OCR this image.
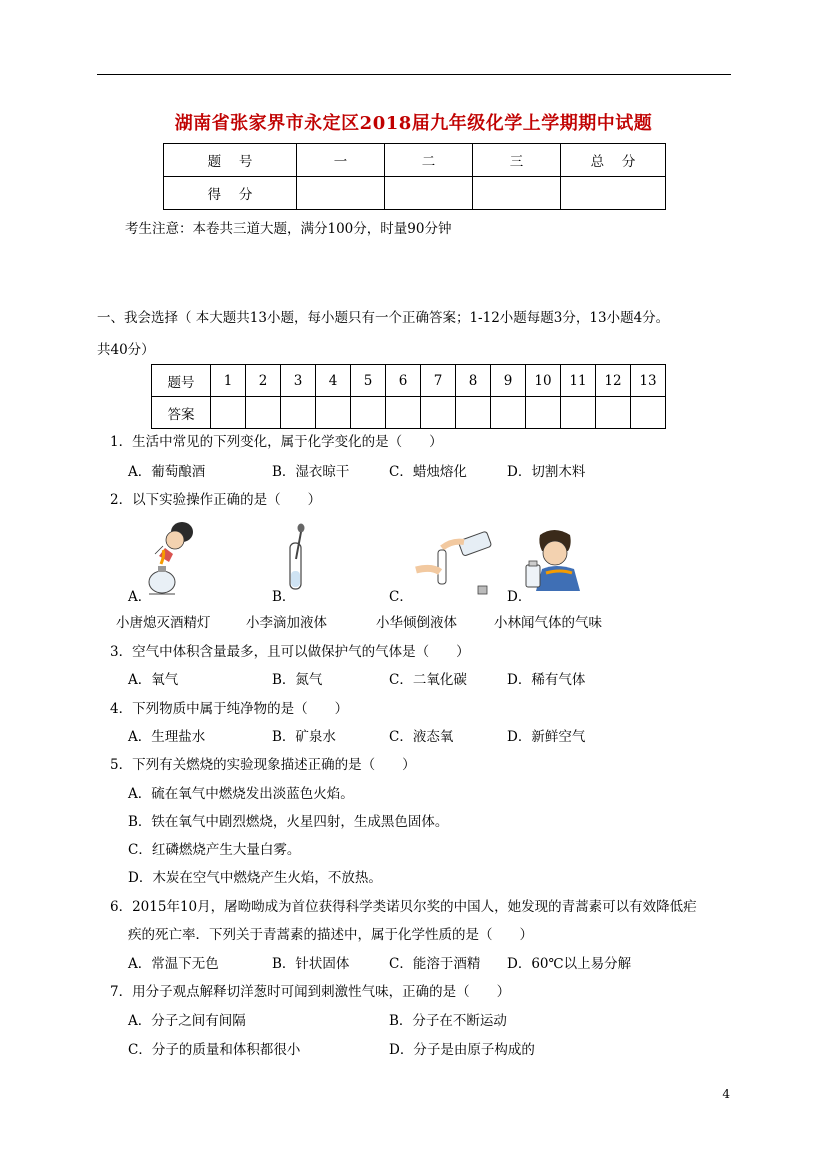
湖南省张家界市永定区2018届九年级化学上学期期中试题
题　 号	一	二	三	总　 分
得　 分				
考生注意：本卷共三道大题，满分100分，时量90分钟
一、我会选择（ 本大题共13小题，每小题只有一个正确答案；1-12小题每题3分，13小题4分。
共40分）
题号	1	2	3	4	5	6	7	8	9	10	11	12	13
答案													
1．生活中常见的下列变化，属于化学变化的是（　　）
A．葡萄酿酒	B．湿衣晾干	C．蜡烛熔化	D．切割木料
2．以下实验操作正确的是（　　）
A．	B．	C．	D．
小唐熄灭酒精灯	小李滴加液体	小华倾倒液体	小林闻气体的气味
3．空气中体积含量最多，且可以做保护气的气体是（　　）
A．氧气	B．氮气	C．二氧化碳	D．稀有气体
4．下列物质中属于纯净物的是（　　）
A．生理盐水	B．矿泉水	C．液态氧	D．新鲜空气
5．下列有关燃烧的实验现象描述正确的是（　　）
A．硫在氧气中燃烧发出淡蓝色火焰。
B．铁在氧气中剧烈燃烧，火星四射，生成黑色固体。
C．红磷燃烧产生大量白雾。
D．木炭在空气中燃烧产生火焰，不放热。
6．2015年10月，屠呦呦成为首位获得科学类诺贝尔奖的中国人，她发现的青蒿素可以有效降低疟
疾的死亡率．下列关于青蒿素的描述中，属于化学性质的是（　　）
A．常温下无色	B．针状固体	C．能溶于酒精 D．60℃以上易分解
7．用分子观点解释切洋葱时可闻到刺激性气味，正确的是（　　）
A．分子之间有间隔	B．分子在不断运动
C．分子的质量和体积都很小	D．分子是由原子构成的
4
